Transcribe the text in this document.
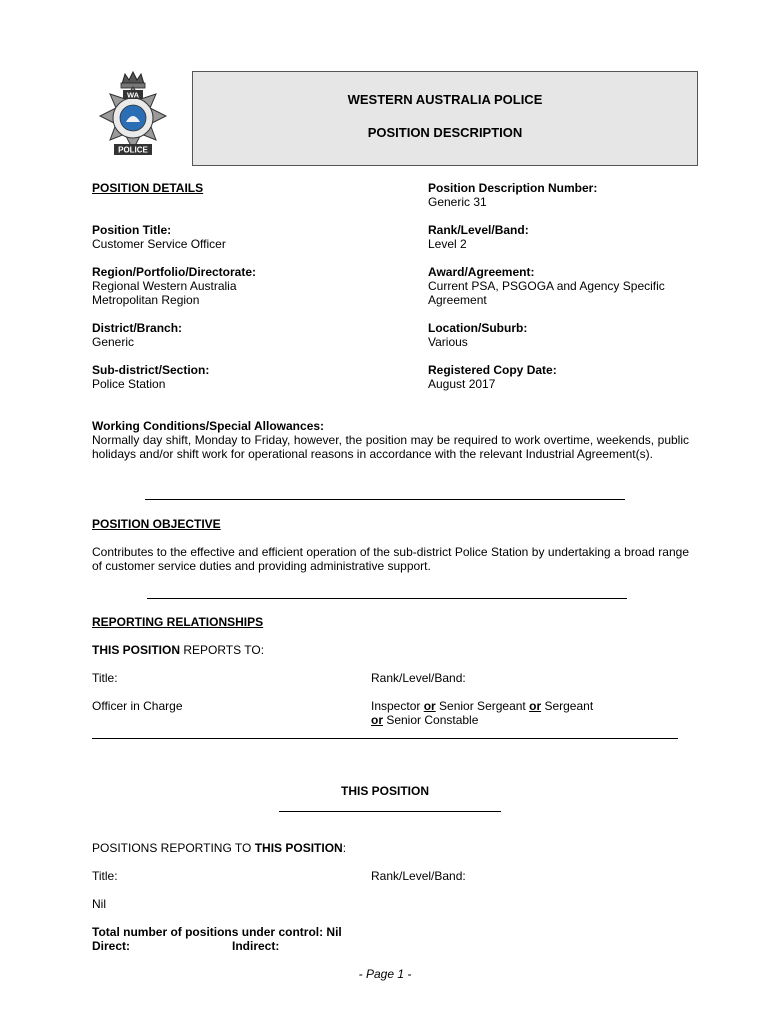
WA
POLICE
WESTERN AUSTRALIA POLICE
POSITION DESCRIPTION
POSITION DETAILS	Position Description Number:
Generic 31
Position Title:
Customer Service Officer
Rank/Level/Band:
Level 2
Region/Portfolio/Directorate:
Regional Western Australia
Metropolitan Region
Award/Agreement:
Current PSA, PSGOGA and Agency Specific
Agreement
District/Branch:
Generic
Location/Suburb:
Various
Sub-district/Section:
Police Station
Registered Copy Date:
August 2017
Working Conditions/Special Allowances:
Normally day shift, Monday to Friday, however, the position may be required to work overtime, weekends, public holidays and/or shift work for operational reasons in accordance with the relevant Industrial Agreement(s).
POSITION OBJECTIVE
Contributes to the effective and efficient operation of the sub-district Police Station by undertaking a broad range of customer service duties and providing administrative support.
REPORTING RELATIONSHIPS
THIS POSITION REPORTS TO:
Title:	Rank/Level/Band:
Officer in Charge	Inspector or Senior Sergeant or Sergeant
or Senior Constable
THIS POSITION
POSITIONS REPORTING TO THIS POSITION:
Title:	Rank/Level/Band:
Nil
Total number of positions under control: Nil
Direct:	Indirect:
- Page 1 -
